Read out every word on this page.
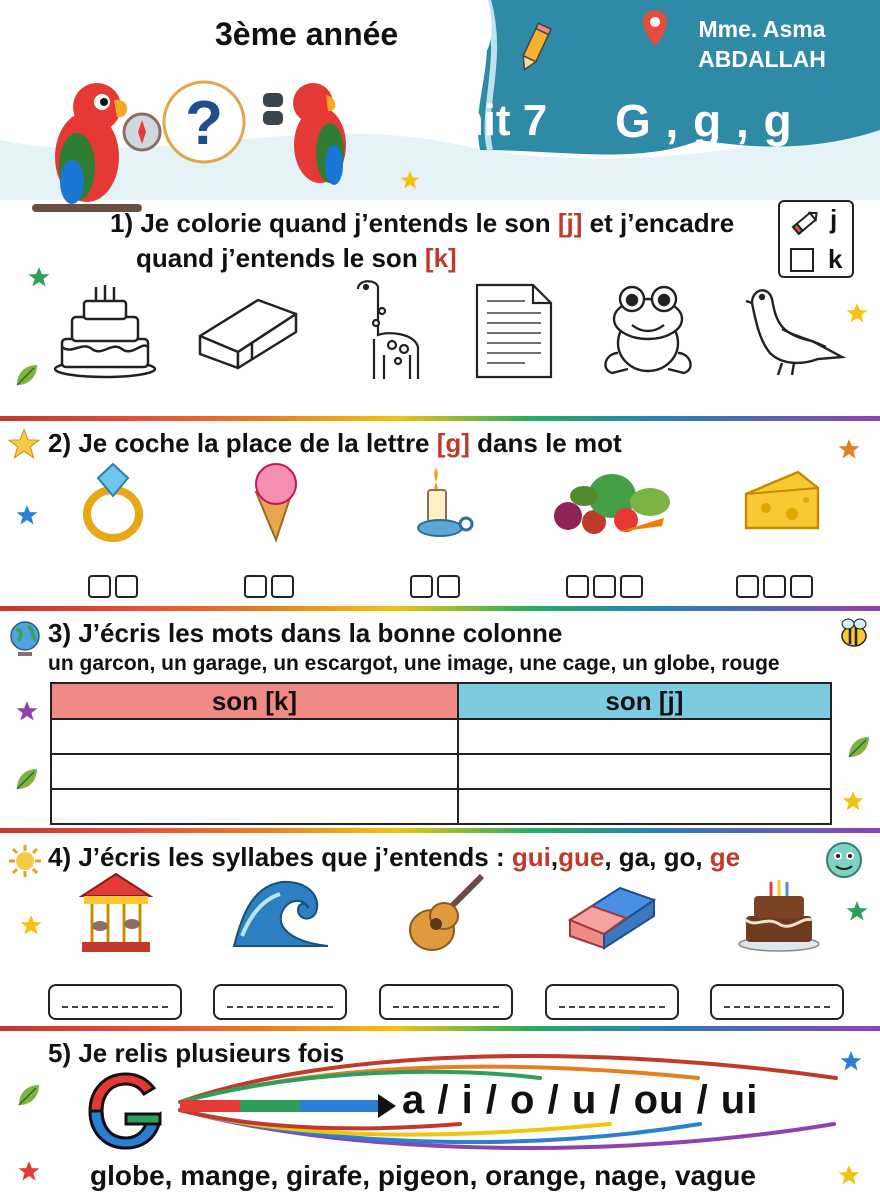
3ème année	Mme. Asma
ABDALLAH
Unit 7 G , g , g
?
1) Je colorie quand j’entends le son [j] et j’encadre
quand j’entends le son [k]
j
k
2) Je coche la place de la lettre [g] dans le mot
3) J’écris les mots dans la bonne colonne
un garcon, un garage, un escargot, une image, une cage, un globe, rouge
son [k]	son [j]

4) J’écris les syllabes que j’entends : gui,gue, ga, go, ge
5) Je relis plusieurs fois
G
a / i / o / u / ou / ui
globe, mange, girafe, pigeon, orange, nage, vague
